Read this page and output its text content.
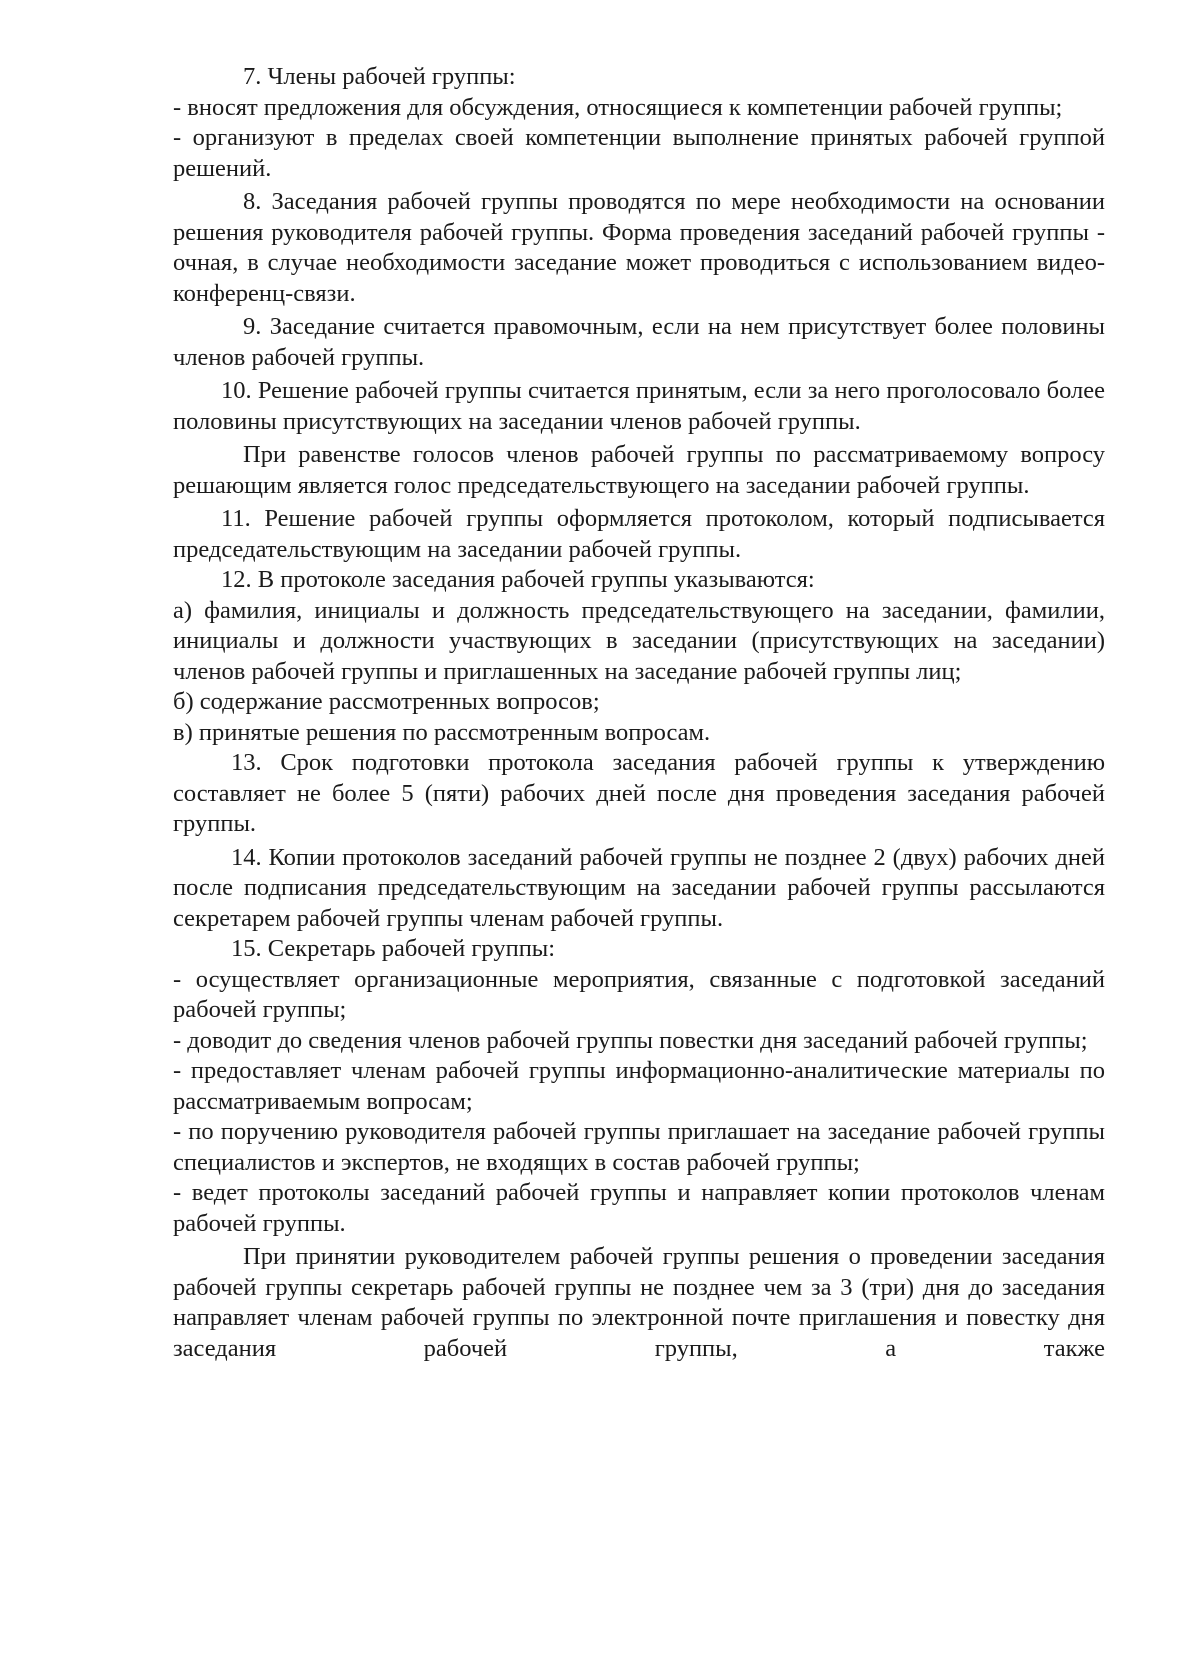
7. Члены рабочей группы:

- вносят предложения для обсуждения, относящиеся к компетенции рабочей группы;

- организуют в пределах своей компетенции выполнение принятых рабочей группой решений.

8. Заседания рабочей группы проводятся по мере необходимости на основании решения руководителя рабочей группы. Форма проведения заседаний рабочей группы - очная, в случае необходимости заседание может проводиться с использованием видео-конференц-связи.

9. Заседание считается правомочным, если на нем присутствует более половины членов рабочей группы.

10. Решение рабочей группы считается принятым, если за него проголосовало более половины присутствующих на заседании членов рабочей группы.

При равенстве голосов членов рабочей группы по рассматриваемому вопросу решающим является голос председательствующего на заседании рабочей группы.

11. Решение рабочей группы оформляется протоколом, который подписывается председательствующим на заседании рабочей группы.

12. В протоколе заседания рабочей группы указываются:

а) фамилия, инициалы и должность председательствующего на заседании, фамилии, инициалы и должности участвующих в заседании (присутствующих на заседании) членов рабочей группы и приглашенных на заседание рабочей группы лиц;

б) содержание рассмотренных вопросов;

в) принятые решения по рассмотренным вопросам.

13. Срок подготовки протокола заседания рабочей группы к утверждению составляет не более 5 (пяти) рабочих дней после дня проведения заседания рабочей группы.

14. Копии протоколов заседаний рабочей группы не позднее 2 (двух) рабочих дней после подписания председательствующим на заседании рабочей группы рассылаются секретарем рабочей группы членам рабочей группы.

15. Секретарь рабочей группы:

- осуществляет организационные мероприятия, связанные с подготовкой заседаний рабочей группы;

- доводит до сведения членов рабочей группы повестки дня заседаний рабочей группы;

- предоставляет членам рабочей группы информационно-аналитические материалы по рассматриваемым вопросам;

- по поручению руководителя рабочей группы приглашает на заседание рабочей группы специалистов и экспертов, не входящих в состав рабочей группы;

- ведет протоколы заседаний рабочей группы и направляет копии протоколов членам рабочей группы.

При принятии руководителем рабочей группы решения о проведении заседания рабочей группы секретарь рабочей группы не позднее чем за 3 (три) дня до заседания направляет членам рабочей группы по электронной почте приглашения и повестку дня заседания рабочей группы, а также
